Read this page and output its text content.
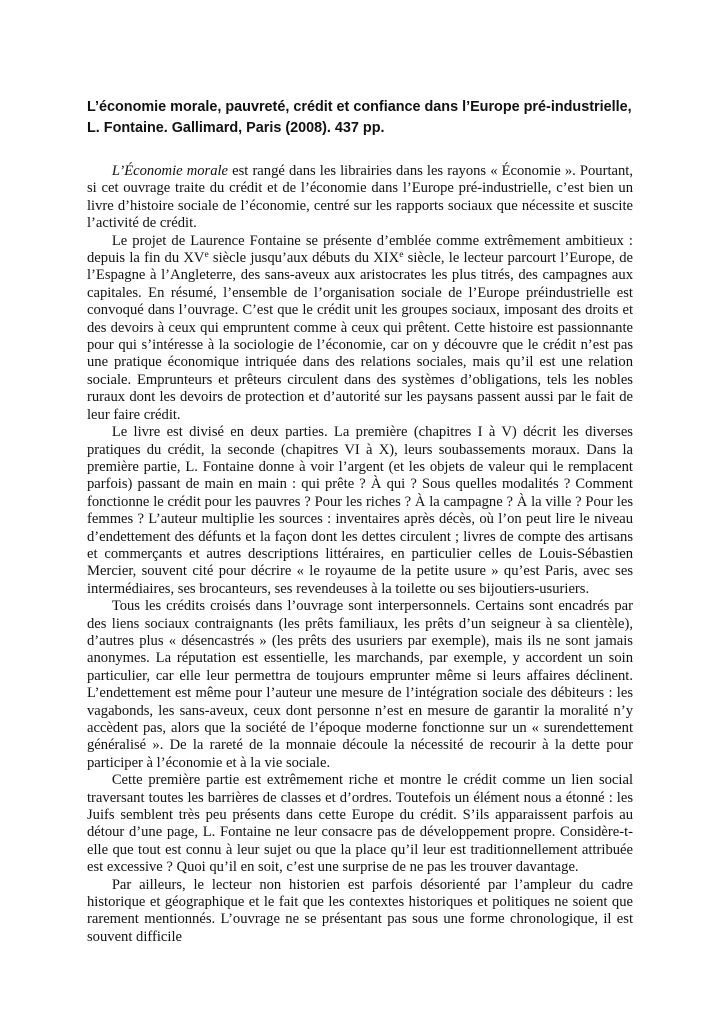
L’économie morale, pauvreté, crédit et confiance dans l’Europe pré-industrielle,
L. Fontaine. Gallimard, Paris (2008). 437 pp.

L’Économie morale est rangé dans les librairies dans les rayons « Économie ». Pourtant, si cet ouvrage traite du crédit et de l’économie dans l’Europe pré-industrielle, c’est bien un livre d’histoire sociale de l’économie, centré sur les rapports sociaux que nécessite et suscite l’activité de crédit.

Le projet de Laurence Fontaine se présente d’emblée comme extrêmement ambitieux : depuis la fin du XVe siècle jusqu’aux débuts du XIXe siècle, le lecteur parcourt l’Europe, de l’Espagne à l’Angleterre, des sans-aveux aux aristocrates les plus titrés, des campagnes aux capitales. En résumé, l’ensemble de l’organisation sociale de l’Europe préindustrielle est convoqué dans l’ouvrage. C’est que le crédit unit les groupes sociaux, imposant des droits et des devoirs à ceux qui empruntent comme à ceux qui prêtent. Cette histoire est passionnante pour qui s’intéresse à la sociologie de l’économie, car on y découvre que le crédit n’est pas une pratique économique intriquée dans des relations sociales, mais qu’il est une relation sociale. Emprunteurs et prêteurs circulent dans des systèmes d’obligations, tels les nobles ruraux dont les devoirs de protection et d’autorité sur les paysans passent aussi par le fait de leur faire crédit.

Le livre est divisé en deux parties. La première (chapitres I à V) décrit les diverses pratiques du crédit, la seconde (chapitres VI à X), leurs soubassements moraux. Dans la première partie, L. Fontaine donne à voir l’argent (et les objets de valeur qui le remplacent parfois) passant de main en main : qui prête ? À qui ? Sous quelles modalités ? Comment fonctionne le crédit pour les pauvres ? Pour les riches ? À la campagne ? À la ville ? Pour les femmes ? L’auteur multiplie les sources : inventaires après décès, où l’on peut lire le niveau d’endettement des défunts et la façon dont les dettes circulent ; livres de compte des artisans et commerçants et autres descriptions littéraires, en particulier celles de Louis-Sébastien Mercier, souvent cité pour décrire « le royaume de la petite usure » qu’est Paris, avec ses intermédiaires, ses brocanteurs, ses revendeuses à la toilette ou ses bijoutiers-usuriers.

Tous les crédits croisés dans l’ouvrage sont interpersonnels. Certains sont encadrés par des liens sociaux contraignants (les prêts familiaux, les prêts d’un seigneur à sa clientèle), d’autres plus « désencastrés » (les prêts des usuriers par exemple), mais ils ne sont jamais anonymes. La réputation est essentielle, les marchands, par exemple, y accordent un soin particulier, car elle leur permettra de toujours emprunter même si leurs affaires déclinent. L’endettement est même pour l’auteur une mesure de l’intégration sociale des débiteurs : les vagabonds, les sans-aveux, ceux dont personne n’est en mesure de garantir la moralité n’y accèdent pas, alors que la société de l’époque moderne fonctionne sur un « surendettement généralisé ». De la rareté de la monnaie découle la nécessité de recourir à la dette pour participer à l’économie et à la vie sociale.

Cette première partie est extrêmement riche et montre le crédit comme un lien social traversant toutes les barrières de classes et d’ordres. Toutefois un élément nous a étonné : les Juifs semblent très peu présents dans cette Europe du crédit. S’ils apparaissent parfois au détour d’une page, L. Fontaine ne leur consacre pas de développement propre. Considère-t-elle que tout est connu à leur sujet ou que la place qu’il leur est traditionnellement attribuée est excessive ? Quoi qu’il en soit, c’est une surprise de ne pas les trouver davantage.

Par ailleurs, le lecteur non historien est parfois désorienté par l’ampleur du cadre historique et géographique et le fait que les contextes historiques et politiques ne soient que rarement mentionnés. L’ouvrage ne se présentant pas sous une forme chronologique, il est souvent difficile
